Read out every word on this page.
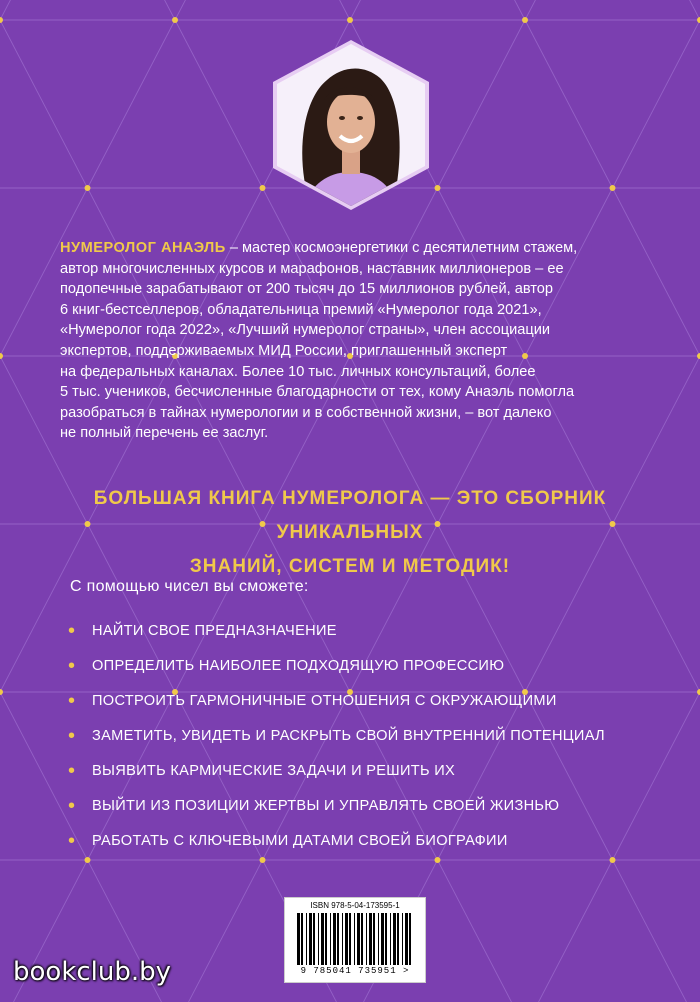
НУМЕРОЛОГ АНАЭЛЬ – мастер космоэнергетики с десятилетним стажем,
автор многочисленных курсов и марафонов, наставник миллионеров – ее
подопечные зарабатывают от 200 тысяч до 15 миллионов рублей, автор
6 книг-бестселлеров, обладательница премий «Нумеролог года 2021»,
«Нумеролог года 2022», «Лучший нумеролог страны», член ассоциации
экспертов, поддерживаемых МИД России, приглашенный эксперт
на федеральных каналах. Более 10 тыс. личных консультаций, более
5 тыс. учеников, бесчисленные благодарности от тех, кому Анаэль помогла
разобраться в тайнах нумерологии и в собственной жизни, – вот далеко
не полный перечень ее заслуг.
БОЛЬШАЯ КНИГА НУМЕРОЛОГА — ЭТО СБОРНИК УНИКАЛЬНЫХ
ЗНАНИЙ, СИСТЕМ И МЕТОДИК!
С помощью чисел вы сможете:
•	НАЙТИ СВОЕ ПРЕДНАЗНАЧЕНИЕ
•	ОПРЕДЕЛИТЬ НАИБОЛЕЕ ПОДХОДЯЩУЮ ПРОФЕССИЮ
•	ПОСТРОИТЬ ГАРМОНИЧНЫЕ ОТНОШЕНИЯ С ОКРУЖАЮЩИМИ
•	ЗАМЕТИТЬ, УВИДЕТЬ И РАСКРЫТЬ СВОЙ ВНУТРЕННИЙ ПОТЕНЦИАЛ
•	ВЫЯВИТЬ КАРМИЧЕСКИЕ ЗАДАЧИ И РЕШИТЬ ИХ
•	ВЫЙТИ ИЗ ПОЗИЦИИ ЖЕРТВЫ И УПРАВЛЯТЬ СВОЕЙ ЖИЗНЬЮ
•	РАБОТАТЬ С КЛЮЧЕВЫМИ ДАТАМИ СВОЕЙ БИОГРАФИИ
ISBN 978-5-04-173595-1
9 785041 735951 >
bookclub.by
